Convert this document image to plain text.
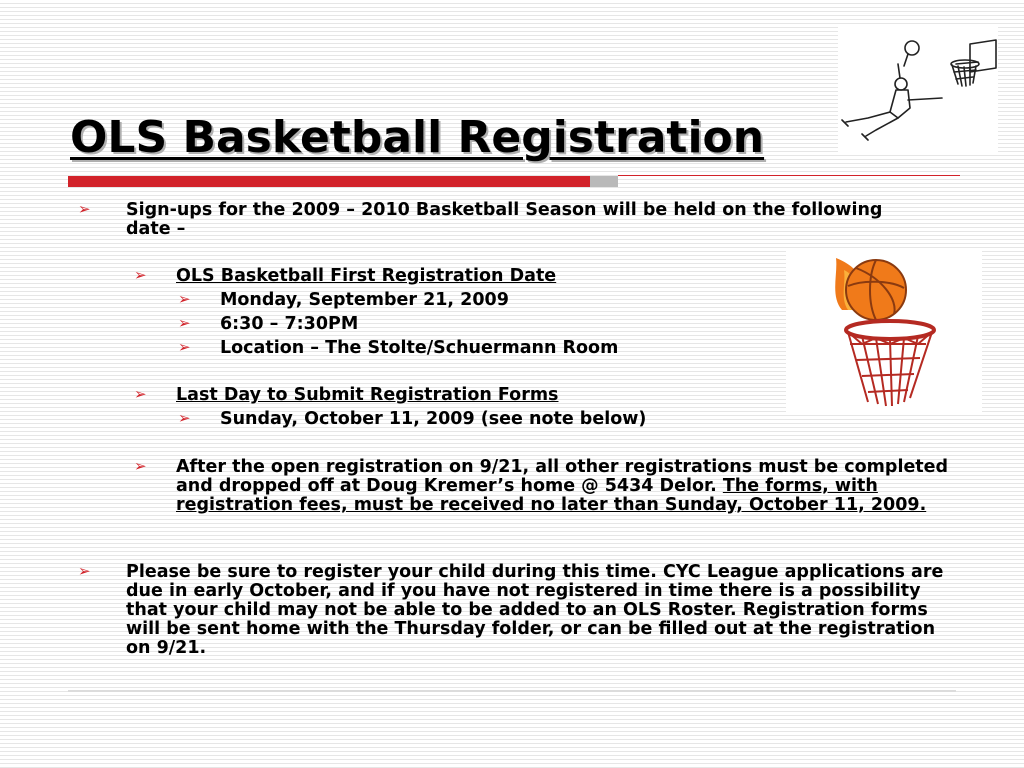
OLS Basketball Registration
➢ Sign-ups for the 2009 – 2010 Basketball Season will be held on the following date –
➢ OLS Basketball First Registration Date
➢ Monday, September 21, 2009
➢ 6:30 – 7:30PM
➢ Location – The Stolte/Schuermann Room
➢ Last Day to Submit Registration Forms
➢ Sunday, October 11, 2009 (see note below)
➢ After the open registration on 9/21, all other registrations must be completed and dropped off at Doug Kremer’s home @ 5434 Delor. The forms, with registration fees, must be received no later than Sunday, October 11, 2009.
➢ Please be sure to register your child during this time. CYC League applications are due in early October, and if you have not registered in time there is a possibility that your child may not be able to be added to an OLS Roster. Registration forms will be sent home with the Thursday folder, or can be filled out at the registration on 9/21.
